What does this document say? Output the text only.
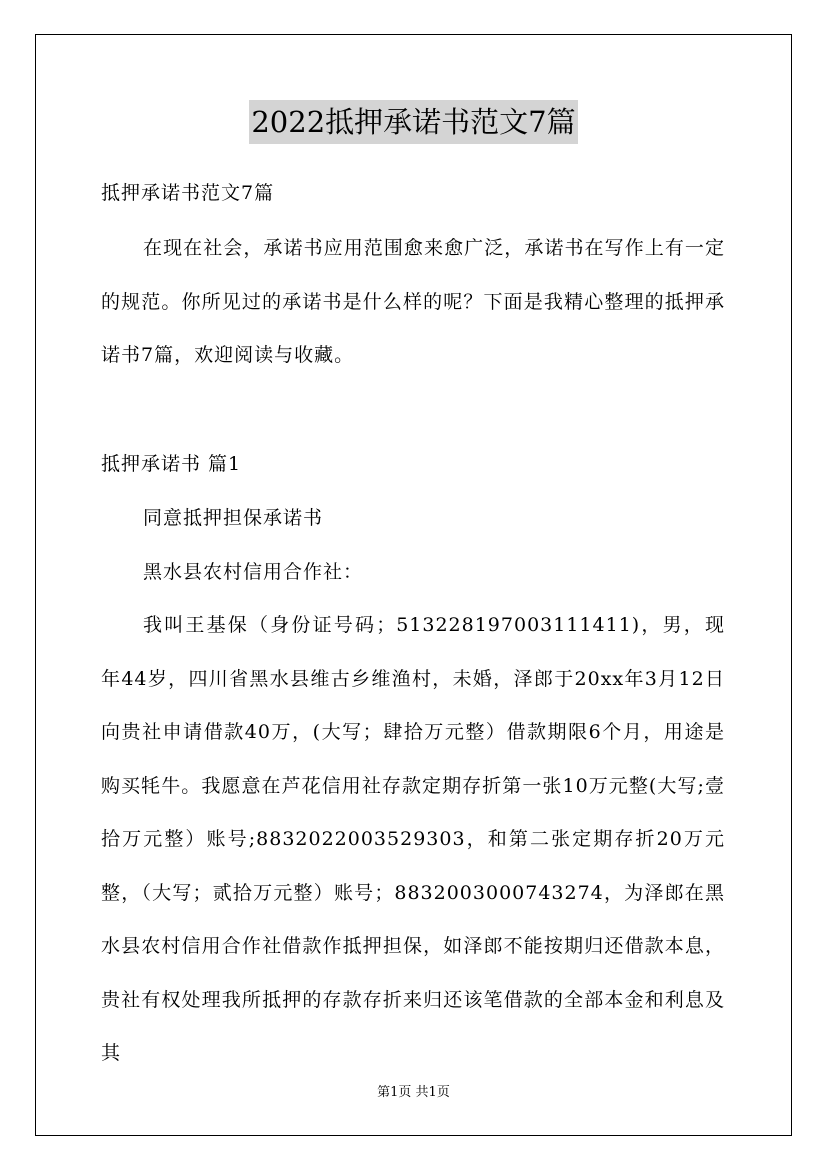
2022抵押承诺书范文7篇
抵押承诺书范文7篇

在现在社会，承诺书应用范围愈来愈广泛，承诺书在写作上有一定的规范。你所见过的承诺书是什么样的呢？下面是我精心整理的抵押承诺书7篇，欢迎阅读与收藏。

抵押承诺书 篇1
同意抵押担保承诺书
黑水县农村信用合作社：

我叫王基保（身份证号码；513228197003111411)，男，现年44岁，四川省黑水县维古乡维渔村，未婚，泽郎于20xx年3月12日向贵社申请借款40万，(大写；肆拾万元整）借款期限6个月，用途是购买牦牛。我愿意在芦花信用社存款定期存折第一张10万元整(大写;壹拾万元整）账号;8832022003529303，和第二张定期存折20万元整，（大写；贰拾万元整）账号；8832003000743274，为泽郎在黑水县农村信用合作社借款作抵押担保，如泽郎不能按期归还借款本息，贵社有权处理我所抵押的存款存折来归还该笔借款的全部本金和利息及其

第1页 共1页
